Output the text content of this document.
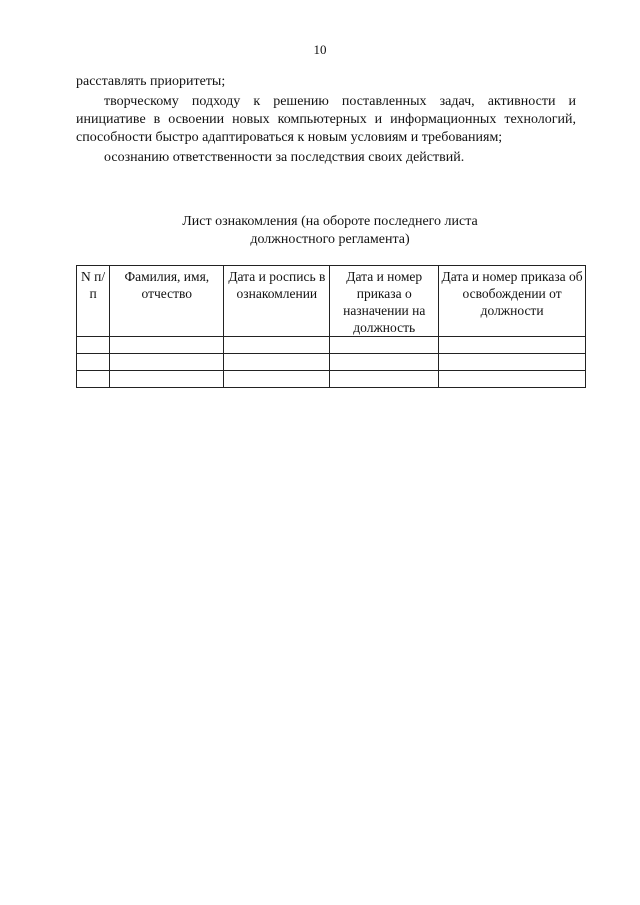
10

расставлять приоритеты;

творческому подходу к решению поставленных задач, активности и инициативе в освоении новых компьютерных и информационных технологий, способности быстро адаптироваться к новым условиям и требованиям;

осознанию ответственности за последствия своих действий.

Лист ознакомления (на обороте последнего листа
должностного регламента)
N п/п	Фамилия, имя, отчество	Дата и роспись в ознакомлении	Дата и номер приказа о назначении на должность	Дата и номер приказа об освобождении от должности
